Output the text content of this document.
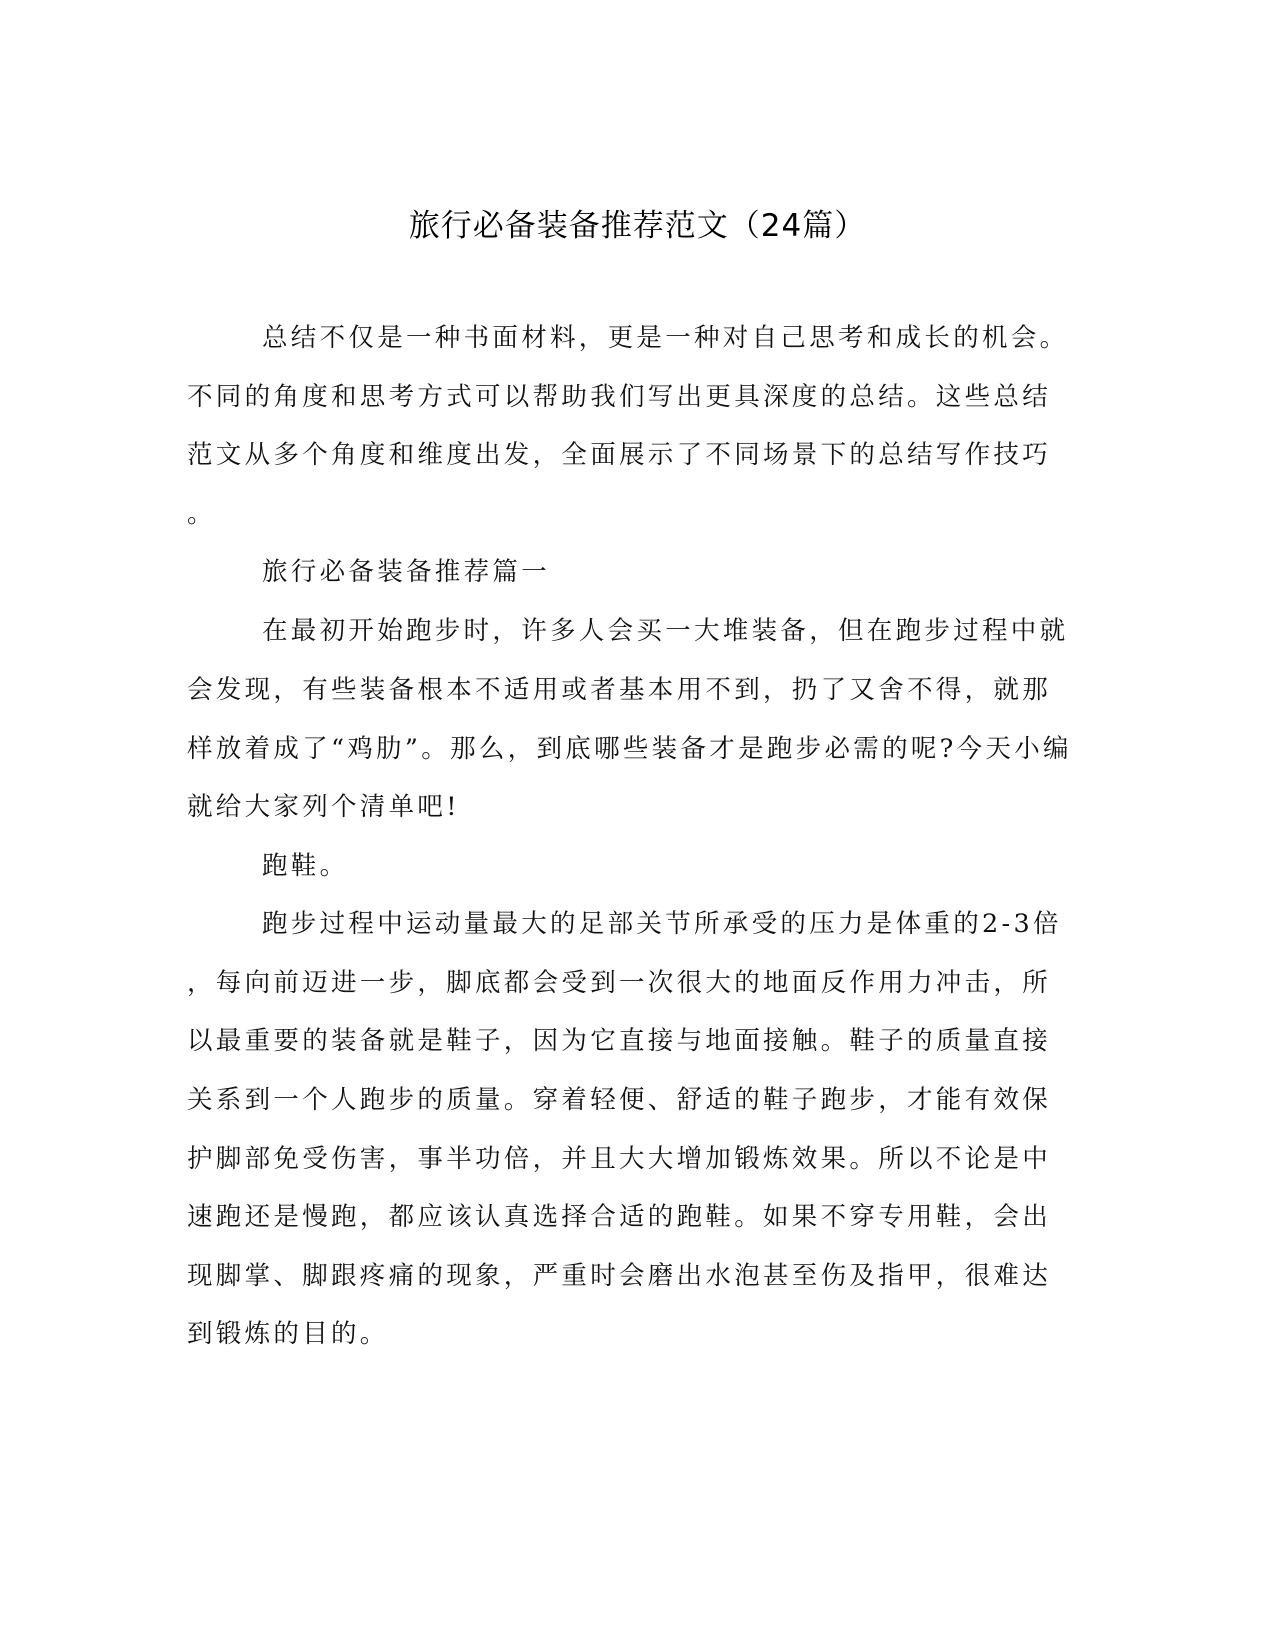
旅行必备装备推荐范文（24篇）
总结不仅是一种书面材料，更是一种对自己思考和成长的机会。
不同的角度和思考方式可以帮助我们写出更具深度的总结。这些总结
范文从多个角度和维度出发，全面展示了不同场景下的总结写作技巧
。
旅行必备装备推荐篇一
在最初开始跑步时，许多人会买一大堆装备，但在跑步过程中就
会发现，有些装备根本不适用或者基本用不到，扔了又舍不得，就那
样放着成了“鸡肋”。那么，到底哪些装备才是跑步必需的呢?今天小编
就给大家列个清单吧!
跑鞋。
跑步过程中运动量最大的足部关节所承受的压力是体重的2-3倍
，每向前迈进一步，脚底都会受到一次很大的地面反作用力冲击，所
以最重要的装备就是鞋子，因为它直接与地面接触。鞋子的质量直接
关系到一个人跑步的质量。穿着轻便、舒适的鞋子跑步，才能有效保
护脚部免受伤害，事半功倍，并且大大增加锻炼效果。所以不论是中
速跑还是慢跑，都应该认真选择合适的跑鞋。如果不穿专用鞋，会出
现脚掌、脚跟疼痛的现象，严重时会磨出水泡甚至伤及指甲，很难达
到锻炼的目的。
